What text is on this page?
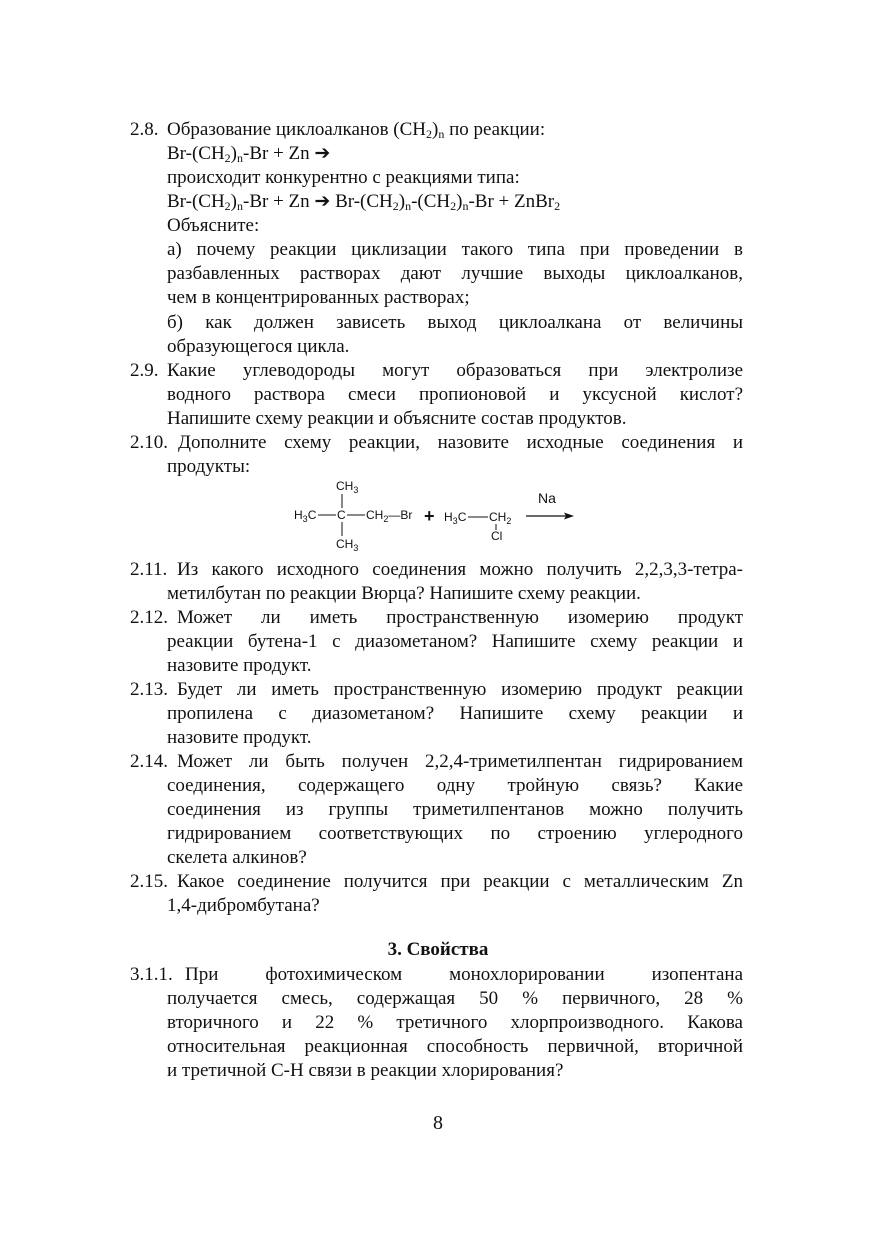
2.8. Образование циклоалканов $(CH_2)_n$ по реакции:
$Br-(CH_2)_n-Br + Zn$ ➔
происходит конкурентно с реакциями типа:
$Br-(CH_2)_n-Br + Zn$ ➔ $Br-(CH_2)_n-(CH_2)_n-Br$ + ZnBr$_2$
Объясните:
а) почему реакции циклизации такого типа при проведении в
разбавленных растворах дают лучшие выходы циклоалканов,
чем в концентрированных растворах;
б) как должен зависеть выход циклоалкана от величины
образующегося цикла.
2.9. Какие углеводороды могут образоваться при электролизе
водного раствора смеси пропионовой и уксусной кислот?
Напишите схему реакции и объясните состав продуктов.
2.10. Дополните схему реакции, назовите исходные соединения и
продукты:
$CH_3$
$H_3C$ C $CH_2—Br$
$CH_3$
+ $H_3C$ $CH_2$
Cl
Na
2.11. Из какого исходного соединения можно получить 2,2,3,3-тетра-
метилбутан по реакции Вюрца? Напишите схему реакции.
2.12. Может ли иметь пространственную изомерию продукт
реакции бутена-1 с диазометаном? Напишите схему реакции и
назовите продукт.
2.13. Будет ли иметь пространственную изомерию продукт реакции
пропилена с диазометаном? Напишите схему реакции и
назовите продукт.
2.14. Может ли быть получен 2,2,4-триметилпентан гидрированием
соединения, содержащего одну тройную связь? Какие
соединения из группы триметилпентанов можно получить
гидрированием соответствующих по строению углеродного
скелета алкинов?
2.15. Какое соединение получится при реакции с металлическим Zn
1,4-дибромбутана?
3. Свойства
3.1.1. При фотохимическом монохлорировании изопентана
получается смесь, содержащая 50 % первичного, 28 %
вторичного и 22 % третичного хлорпроизводного. Какова
относительная реакционная способность первичной, вторичной
и третичной C-H связи в реакции хлорирования?
8
